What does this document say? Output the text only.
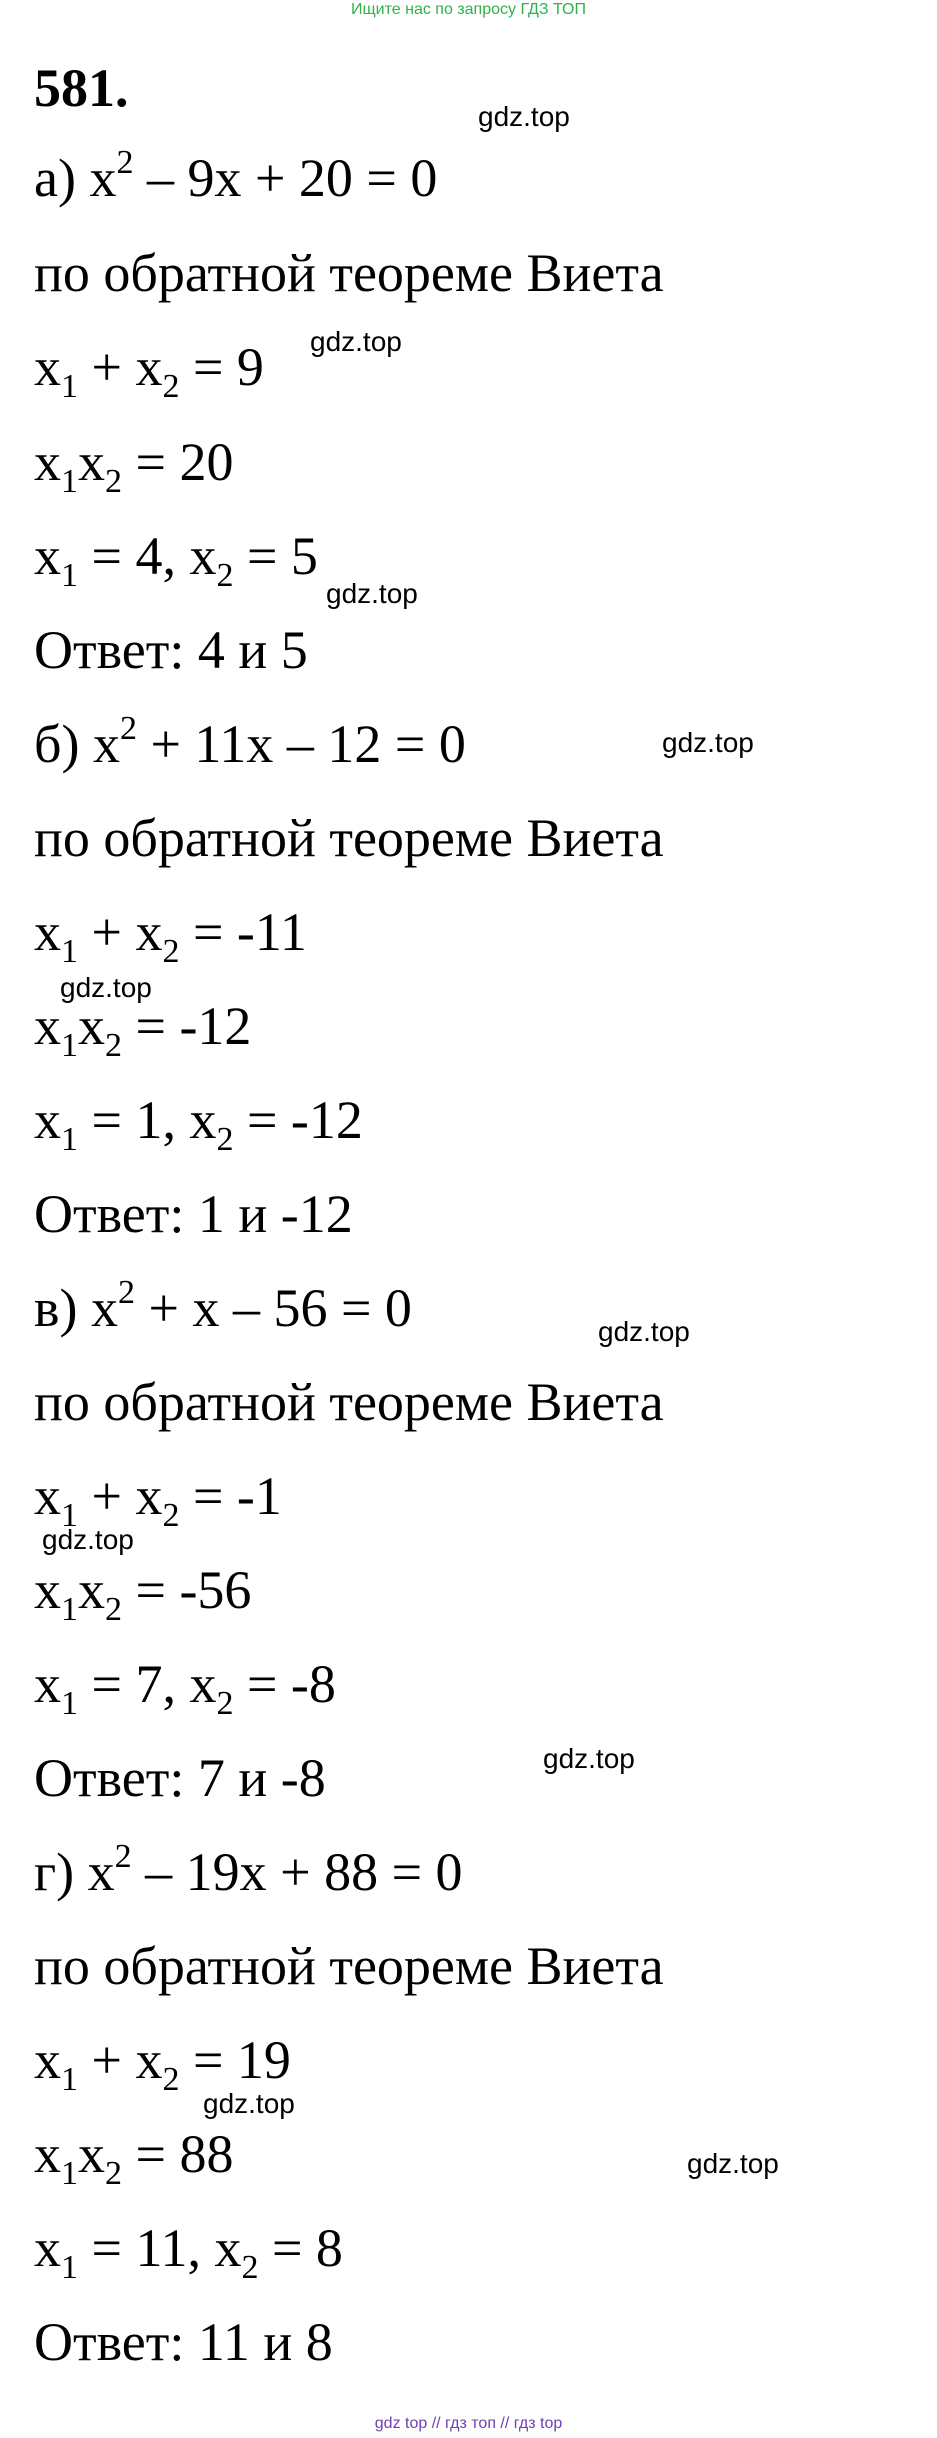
Ищите нас по запросу ГДЗ ТОП
581.
а) $x^2 - 9x + 20 = 0$
по обратной теореме Виета
$x_1 + x_2 = 9$
$x_1x_2 = 20$
$x_1 = 4$, $x_2 = 5$
Ответ: 4 и 5
б) $x^2 + 11x - 12 = 0$
по обратной теореме Виета
$x_1 + x_2 = -11$
$x_1x_2 = -12$
$x_1 = 1$, $x_2 = -12$
Ответ: 1 и -12
в) $x^2 + x - 56 = 0$
по обратной теореме Виета
$x_1 + x_2 = -1$
$x_1x_2 = -56$
$x_1 = 7$, $x_2 = -8$
Ответ: 7 и -8
г) $x^2 - 19x + 88 = 0$
по обратной теореме Виета
$x_1 + x_2 = 19$
$x_1x_2 = 88$
$x_1 = 11$, $x_2 = 8$
Ответ: 11 и 8
gdz.top
gdz.top
gdz.top
gdz.top
gdz.top
gdz.top
gdz.top
gdz.top
gdz.top
gdz.top
gdz top // гдз топ // гдз top
